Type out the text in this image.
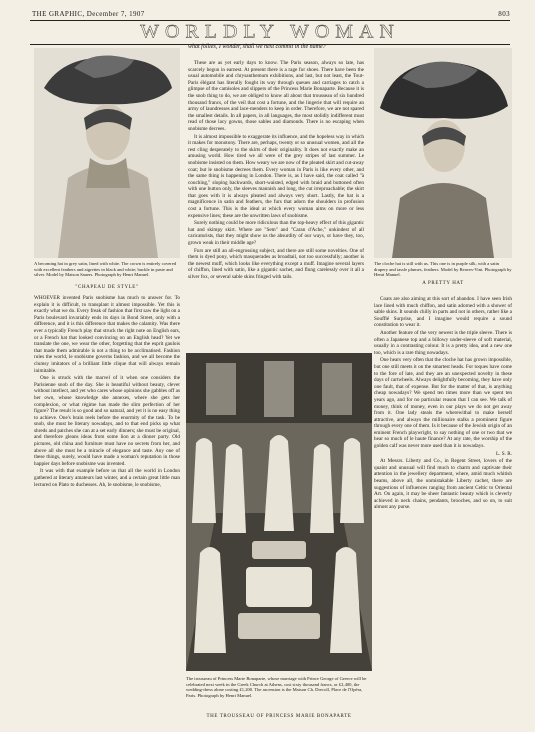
THE GRAPHIC, December 7, 1907	803
WORLDLY WOMAN
A becoming hat in grey satin, lined with white. The crown is entirely covered with excellent feathers and aigrettes in black and white; buckle in paste and silver. Model by Maison Sauers. Photograph by Henri Manuel.
"CHAPEAU DE STYLE"
what follies, I wonder, shall we next commit in the name?

These are as yet early days to know. The Paris season, always so late, has scarcely begun in earnest. At present there is a rage for shoes. There have been the usual automobile and chrysanthemum exhibitions, and last, but not least, the Tout-Paris élégant has literally fought its way through queues and carriages to catch a glimpse of the camisoles and slippers of the Princess Marie Bonaparte. Because it is the snob thing to do, we are obliged to know all about that trousseau of six hundred thousand francs, of the veil that cost a fortune, and the lingerie that will require an army of laundresses and lace-menders to keep in order. Therefore, we are not spared the smallest details. In all papers, in all languages, the most stolidly indifferent must read of those lacy gowns, those sables and diamonds. There is no escaping when snobisme decrees.

It is almost impossible to exaggerate its influence, and the hopeless way in which it makes for monotony. There are, perhaps, twenty or so unusual women, and all the rest cling desperately to the skirts of their originality. It does not exactly make an amusing world. How tired we all were of the grey stripes of last summer. Le snobisme insisted on them. How weary we are now of the pleated skirt and cut-away coat; but le snobisme decrees them. Every woman in Paris is like every other, and the same thing is happening in London. There is, as I have said, the coat called "à couching," sloping backwards, short-waisted, edged with braid and buttoned often with one button only, the sleeves mannish and long, the cut irreproachable; the skirt that goes with it is always pleated and always very short. Lastly, the hat is a magnificence in satin and feathers, the furs that adorn the shoulders in profusion cost a fortune. This is the ideal at which every woman aims on more or less expensive lines; these are the unwritten laws of snobisme.

Surely nothing could be more ridiculous than the top-heavy effect of this gigantic hat and skimpy skirt. Where are "Sem" and "Caran d'Ache," unkindest of all caricaturists, that they might show us the absurdity of our ways, or have they, too, grown weak in their middle age?

Furs are still an all-engrossing subject, and there are still some novelties. One of them is dyed pony, which masquerades as broadtail, not too successfully; another is the newest muff, which looks like everything except a muff. Imagine several layers of chiffon, lined with satin, like a gigantic sachet, and flung carelessly over it all a silver fox, or several sable skins fringed with tails.

The cloche hat is still with us. This one is in purple silk, with a satin drapery and tassle plumes, feathers. Model by Reaves-Vint. Photograph by Henri Manuel.
A PRETTY HAT

WHOEVER invented Paris snobisme has much to answer for. To explain it is difficult, to transplant it almost impossible. Yet this is exactly what we do. Every freak of fashion that first saw the light on a Paris boulevard invariably ends its days in Bond Street, only with a difference, and it is this difference that makes the calamity. Was there ever a typically French play that struck the right note on English ears, or a French hat that looked convincing on an English head? Yet we translate the one, we wear the other, forgetting that the esprit gaulois that made them admirable is not a thing to be acclimatised. Fashion rules the world, le snobisme governs fashion, and we all become the clumsy imitators of a brilliant little clique that will always remain inimitable.

One is struck with the marvel of it when one considers the Parisienne snob of the day. She is beautiful without beauty, clever without intellect, and yet who cares whose opinions she gabbles off as her own, whose knowledge she annexes, where she gets her complexion, or what régime has made the slim perfection of her figure? The result is so good and so natural, and yet it is no easy thing to achieve. One's brain reels before the enormity of the task. To be snob, she must be literary nowadays, and to that end picks up what shreds and patches she can at a set early dinners; she must be original, and therefore gleans ideas from some lion at a dinner party. Old pictures, old china and furniture must have no secrets from her, and above all she must be a miracle of elegance and taste. Any one of these things, surely, would have made a woman's reputation in those happier days before snobisme was invented.

It was with that example before us that all the world in London gathered at literary amateurs last winter, and a certain great little man lectured on Plato to duchesses. Ah, le snobisme, le snobisme,

Coats are also aiming at this sort of abandon. I have seen Irish lace lined with much chiffon, and satin adorned with a shower of sable skins. It sounds chilly in parts and not in others, rather like a Soufflé Surprise, and I imagine would require a sound constitution to wear it.

Another feature of the very newest is the triple sleeve. There is often a Japanese top and a billowy under-sleeve of soft material, usually in a contrasting colour. It is a pretty idea, and a new one too, which is a rare thing nowadays.

One hears very often that the cloche hat has grown impossible, but one still meets it on the smartest heads. For toques have come to the fore of late, and they are an unexpected novelty in these days of cartwheels. Always delightfully becoming, they have only one fault, that of expense. But for the matter of that, is anything cheap nowadays? We spend ten times more than we spent ten years ago, and for no particular reason that I can see. We talk of money, think of money, even in our plays we do not get away from it. One lady steals the wherewithal to make herself attractive, and always the millionaire stalks a prominent figure through every one of them. Is it because of the Jewish origin of an eminent French playwright, to say nothing of one or two that we hear so much of le haute finance? At any rate, the worship of the golden calf was never more used than it is nowadays.

L. S. R.

At Messrs. Liberty and Co., in Regent Street, lovers of the quaint and unusual will find much to charm and captivate their attention in the jewellery department, where, amid much whitish beams, above all, the unmistakable Liberty cachet, there are suggestions of influences ranging from ancient Celtic to Oriental Art. On again, it may be sheer fantastic beauty which is cleverly achieved in neck chains, pendants, brooches, and so on, to suit almost any purse.

The trousseau of Princess Marie Bonaparte, whose marriage with Prince George of Greece will be celebrated next week in the Greek Church at Athens, cost sixty thousand francs, or £2,400, the wedding-dress alone costing £1,200. The ascension is the Maison Ch. Drecoll, Place de l'Opéra, Paris. Photograph by Henri Manuel.
THE TROUSSEAU OF PRINCESS MARIE BONAPARTE
